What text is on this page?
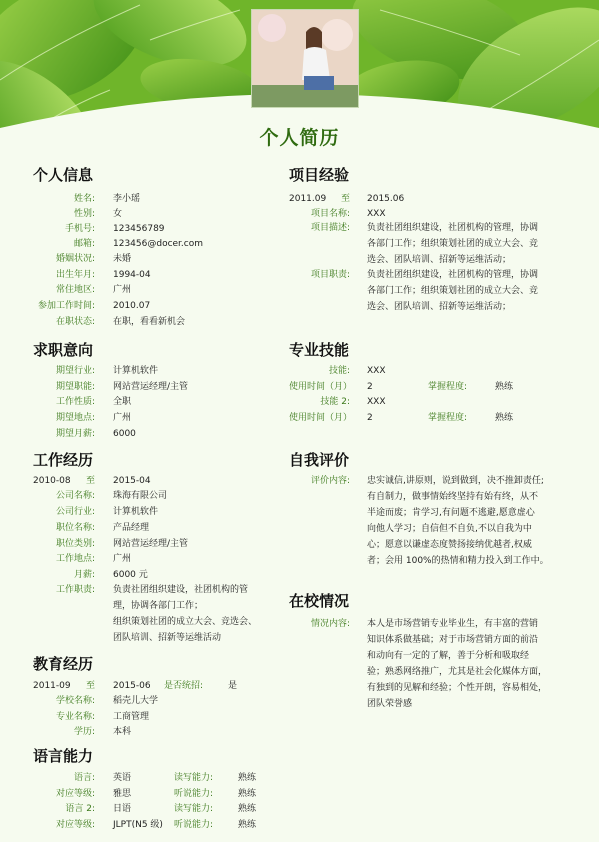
个人简历
个人信息
姓名: 李小瑶
性别: 女
手机号: 123456789
邮箱: 123456@docer.com
婚姻状况: 未婚
出生年月: 1994-04
常住地区: 广州
参加工作时间: 2010.07
在职状态: 在职，看看新机会
求职意向
期望行业: 计算机软件
期望职能: 网站营运经理/主管
工作性质: 全职
期望地点: 广州
期望月薪: 6000
工作经历
2010-08	至 2015-04
公司名称: 珠海有限公司
公司行业: 计算机软件
职位名称: 产品经理
职位类别: 网站营运经理/主管
工作地点: 广州
月薪: 6000 元
工作职责: 负责社团组织建设，社团机构的管
理，协调各部门工作；
组织策划社团的成立大会、竞选会、
团队培训、招新等运维活动
教育经历
2011-09	至 2015-06 是否统招:	是
学校名称: 稻壳儿大学
专业名称: 工商管理
学历: 本科
语言能力
语言: 英语	读写能力:	熟练
对应等级: 雅思	听说能力:	熟练
语言 2: 日语	读写能力:	熟练
对应等级: JLPT(N5 级) 听说能力:	熟练
项目经验
2011.09	至 2015.06
项目名称: XXX
项目描述: 负责社团组织建设，社团机构的管理，协调
各部门工作；组织策划社团的成立大会、竞
选会、团队培训、招新等运维活动；
项目职责: 负责社团组织建设，社团机构的管理，协调
各部门工作；组织策划社团的成立大会、竞
选会、团队培训、招新等运维活动；
专业技能
技能: XXX
使用时间（月）	2	掌握程度:	熟练
技能 2: XXX
使用时间（月）	2	掌握程度:	熟练
自我评价
评价内容: 忠实诚信,讲原则，说到做到，决不推卸责任;
有自制力，做事情始终坚持有始有终，从不
半途而废；肯学习,有问题不逃避,愿意虚心
向他人学习；自信但不自负,不以自我为中
心；愿意以谦虚态度赞扬接纳优越者,权威
者；会用 100%的热情和精力投入到工作中。
在校情况
情况内容: 本人是市场营销专业毕业生，有丰富的营销
知识体系做基础；对于市场营销方面的前沿
和动向有一定的了解，善于分析和吸取经
验；熟悉网络推广，尤其是社会化媒体方面，
有独到的见解和经验；个性开朗，容易相处，
团队荣誉感
